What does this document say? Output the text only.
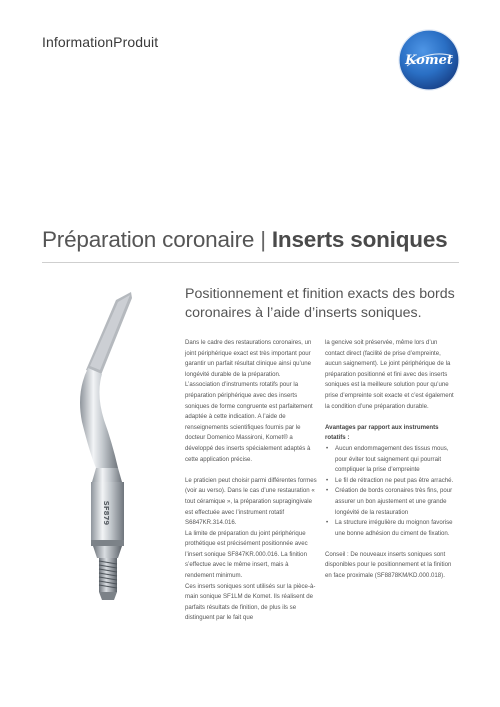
InformationProduit
Komet
Préparation coronaire | Inserts soniques
SF879
Positionnement et finition exacts des bords coronaires à l’aide d’inserts soniques.

Dans le cadre des restaurations coronaires, un joint périphérique exact est très important pour garantir un parfait résultat clinique ainsi qu’une longévité durable de la préparation. L’association d’instruments rotatifs pour la préparation périphérique avec des inserts soniques de forme congruente est parfaitement adaptée à cette indication. A l’aide de renseignements scientifiques fournis par le docteur Domenico Massironi, Komet® a développé des inserts spécialement adaptés à cette application précise.

Le praticien peut choisir parmi différentes formes (voir au verso). Dans le cas d’une restauration « tout céramique », la préparation supragingivale est effectuée avec l’instrument rotatif S6847KR.314.016.

La limite de préparation du joint périphérique prothétique est précisément positionnée avec l’insert sonique SF847KR.000.016. La finition s’effectue avec le même insert, mais à rendement minimum.

Ces inserts soniques sont utilisés sur la pièce-à-main sonique SF1LM de Komet. Ils réalisent de parfaits résultats de finition, de plus ils se distinguent par le fait que

la gencive soit préservée, même lors d’un contact direct (facilité de prise d’empreinte, aucun saignement). Le joint périphérique de la préparation positionné et fini avec des inserts soniques est la meilleure solution pour qu’une prise d’empreinte soit exacte et c’est également la condition d’une préparation durable.

Avantages par rapport aux instruments rotatifs :

• Aucun endommagement des tissus mous, pour éviter tout saignement qui pourrait compliquer la prise d’empreinte
• Le fil de rétraction ne peut pas être arraché.
• Création de bords coronaires très fins, pour assurer un bon ajustement et une grande longévité de la restauration
• La structure irrégulière du moignon favorise une bonne adhésion du ciment de fixation.

Conseil : De nouveaux inserts soniques sont disponibles pour le positionnement et la finition en face proximale (SF8878KM/KD.000.018).
